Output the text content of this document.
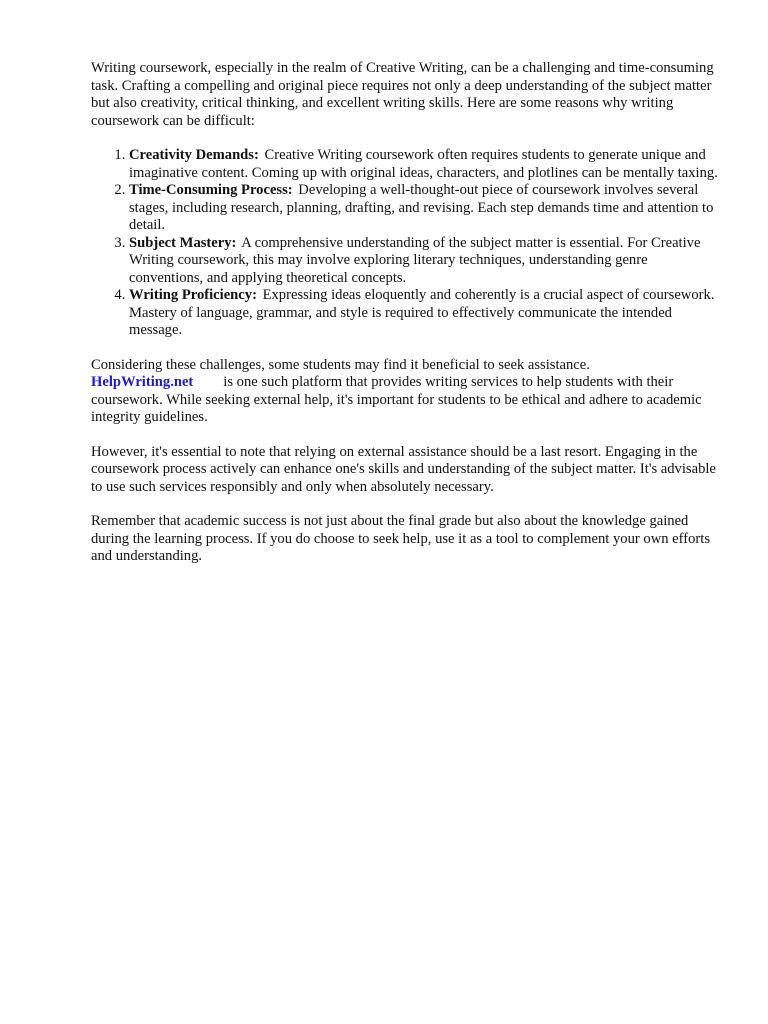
Writing coursework, especially in the realm of Creative Writing, can be a challenging and time-consuming task. Crafting a compelling and original piece requires not only a deep understanding of the subject matter but also creativity, critical thinking, and excellent writing skills. Here are some reasons why writing coursework can be difficult:

1. Creativity Demands: Creative Writing coursework often requires students to generate unique and imaginative content. Coming up with original ideas, characters, and plotlines can be mentally taxing.
2. Time-Consuming Process: Developing a well-thought-out piece of coursework involves several stages, including research, planning, drafting, and revising. Each step demands time and attention to detail.
3. Subject Mastery: A comprehensive understanding of the subject matter is essential. For Creative Writing coursework, this may involve exploring literary techniques, understanding genre conventions, and applying theoretical concepts.
4. Writing Proficiency: Expressing ideas eloquently and coherently is a crucial aspect of coursework. Mastery of language, grammar, and style is required to effectively communicate the intended message.

Considering these challenges, some students may find it beneficial to seek assistance.
HelpWriting.net is one such platform that provides writing services to help students with their coursework. While seeking external help, it's important for students to be ethical and adhere to academic integrity guidelines.

However, it's essential to note that relying on external assistance should be a last resort. Engaging in the coursework process actively can enhance one's skills and understanding of the subject matter. It's advisable to use such services responsibly and only when absolutely necessary.

Remember that academic success is not just about the final grade but also about the knowledge gained during the learning process. If you do choose to seek help, use it as a tool to complement your own efforts and understanding.
